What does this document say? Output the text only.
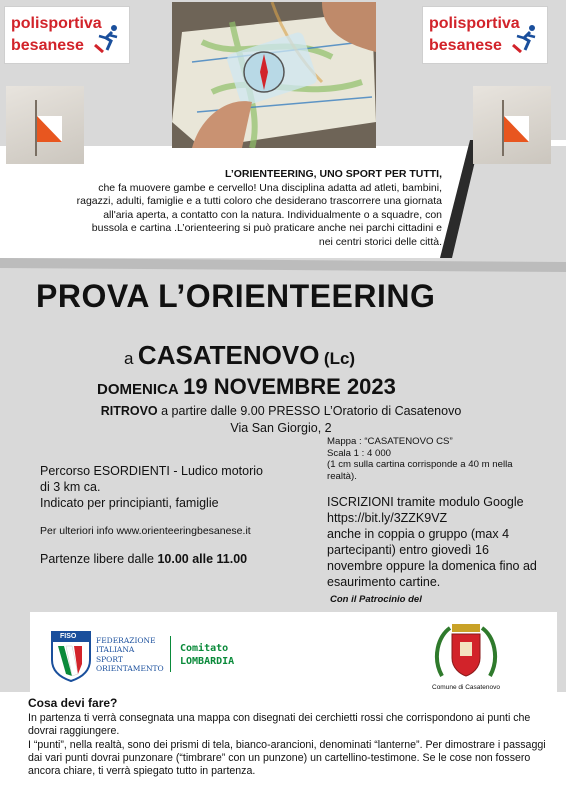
polisportiva
besanese
polisportiva
besanese
L’ORIENTEERING, UNO SPORT PER TUTTI,
che fa muovere gambe e cervello! Una disciplina adatta ad atleti, bambini, ragazzi, adulti, famiglie e a tutti coloro che desiderano trascorrere una giornata all'aria aperta, a contatto con la natura. Individualmente o a squadre, con bussola e cartina .L’orienteering si può praticare anche nei parchi cittadini e nei centri storici delle città.
PROVA L’ORIENTEERING
a CASATENOVO (Lc)
DOMENICA 19 NOVEMBRE 2023
RITROVO a partire dalle 9.00 PRESSO L’Oratorio di Casatenovo
Via San Giorgio, 2
Mappa : “CASATENOVO CS”
Scala 1 : 4 000
(1 cm sulla cartina corrisponde a 40 m nella realtà).
Percorso ESORDIENTI - Ludico motorio
di 3 km ca.
Indicato per principianti, famiglie
Per ulteriori info www.orienteeringbesanese.it
Partenze libere dalle 10.00 alle 11.00
ISCRIZIONI tramite modulo Google https://bit.ly/3ZZK9VZ
anche in coppia o gruppo (max 4 partecipanti) entro giovedì 16 novembre oppure la domenica fino ad esaurimento cartine.
Con il Patrocinio del
FISO	FEDERAZIONE
ITALIANA
SPORT
ORIENTAMENTO
Comitato
LOMBARDIA
Comune di Casatenovo
Cosa devi fare?
In partenza ti verrà consegnata una mappa con disegnati dei cerchietti rossi che corrispondono ai punti che dovrai raggiungere.
I “punti”, nella realtà, sono dei prismi di tela, bianco-arancioni, denominati “lanterne”. Per dimostrare i passaggi dai vari punti dovrai punzonare (“timbrare” con un punzone) un cartellino-testimone. Se le cose non fossero ancora chiare, ti verrà spiegato tutto in partenza.
